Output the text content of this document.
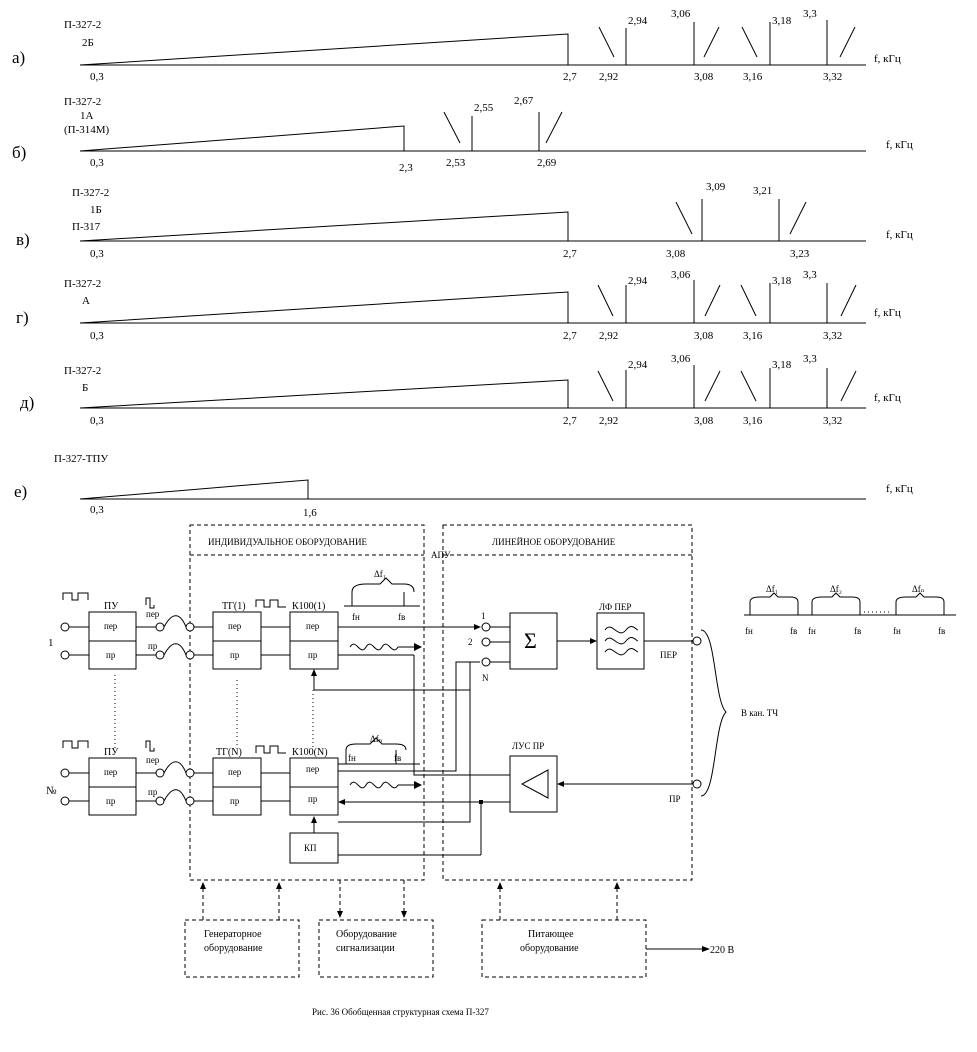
а)
П-327-2
2Б
0,3	2,7 2,92	3,08	3,16	3,32
2,94
3,06
3,18
3,3
f, кГц
б)
П-327-2
1А
(П-314М)
0,3	2,3	2,53	2,69
2,55
2,67
f, кГц
в)
П-327-2
1Б
П-317
0,3	2,7	3,08	3,23
3,09	3,21
f, кГц
г)
П-327-2
А
0,3	2,7 2,92	3,08	3,16	3,32
2,94 3,06	3,18 3,3
f, кГц
д)
П-327-2
Б
0,3	2,7 2,92	3,08	3,16	3,32
2,94 3,06	3,18 3,3
f, кГц
е)
П-327-ТПУ
0,3	1,6
f, кГц
ИНДИВИДУАЛЬНОЕ ОБОРУДОВАНИЕ	ЛИНЕЙНОЕ ОБОРУДОВАНИЕ
АПУ
ПУ
пер
пр
1
пер
пр
ТГ(1)
пер
пр
К100(1)
пер
пр
Δf₁
fн	fв	1
2
N
Σ
ЛФ ПЕР
ПЕР
ЛУС ПР
ПР
В кан. ТЧ
ПУ
пер
пр
№
пер
пр
ТГ(N)
пер
пр
К100(N)
пер
пр
Δfₙ
fн	fв
КП
Δf₁
fн	fв
Δf₂
fн	fв
Δfₙ
fн	fв
Генераторное
оборудование
Оборудование
сигнализации
Питающее
оборудование	220 В
Рис. 36 Обобщенная структурная схема П-327
